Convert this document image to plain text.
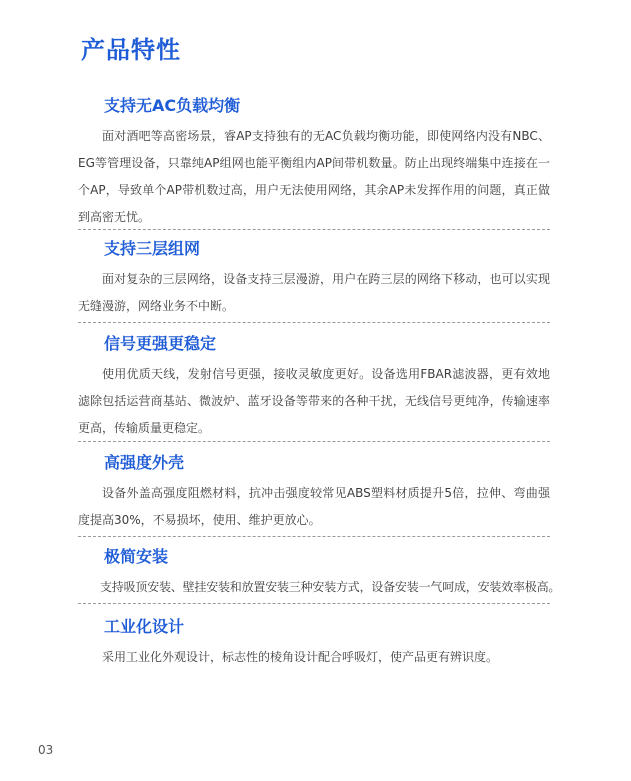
产品特性
支持无AC负载均衡
面对酒吧等高密场景，睿AP支持独有的无AC负载均衡功能，即使网络内没有NBC、EG等管理设备，只靠纯AP组网也能平衡组内AP间带机数量。防止出现终端集中连接在一个AP，导致单个AP带机数过高，用户无法使用网络，其余AP未发挥作用的问题，真正做到高密无忧。
支持三层组网
面对复杂的三层网络，设备支持三层漫游，用户在跨三层的网络下移动，也可以实现无缝漫游，网络业务不中断。
信号更强更稳定
使用优质天线，发射信号更强，接收灵敏度更好。设备选用FBAR滤波器，更有效地滤除包括运营商基站、微波炉、蓝牙设备等带来的各种干扰，无线信号更纯净，传输速率更高，传输质量更稳定。
高强度外壳
设备外盖高强度阻燃材料，抗冲击强度较常见ABS塑料材质提升5倍，拉伸、弯曲强度提高30%，不易损坏，使用、维护更放心。
极简安装
支持吸顶安装、壁挂安装和放置安装三种安装方式，设备安装一气呵成，安装效率极高。
工业化设计
采用工业化外观设计，标志性的棱角设计配合呼吸灯，使产品更有辨识度。
03
